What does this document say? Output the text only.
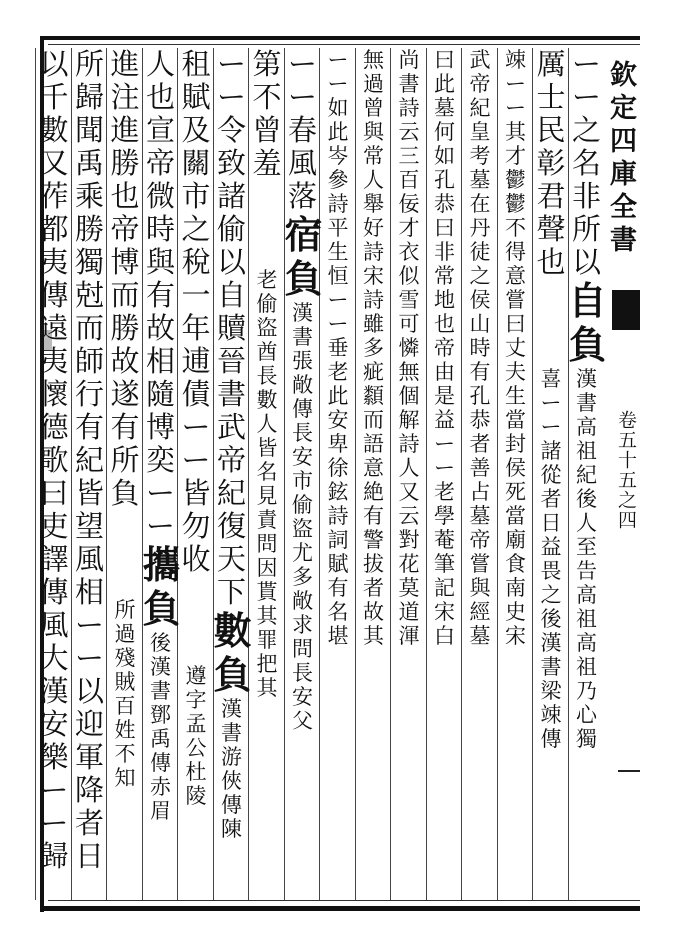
欽定四庫全書
卷五十五之四
ー
ー
之
名
非
所
以
自
負
漢
書
高
祖
紀
後
人
至
告
高
祖
高
祖
乃
心
獨
厲
士
民
彰
君
聲
也
喜
ー
ー
諸
從
者
日
益
畏
之
後
漢
書
梁
竦
傳
竦
ー
ー
其
才
鬱
鬱
不
得
意
嘗
曰
丈
夫
生
當
封
侯
死
當
廟
食
南
史
宋
武
帝
紀
皇
考
墓
在
丹
徒
之
侯
山
時
有
孔
恭
者
善
占
墓
帝
嘗
與
經
墓
曰
此
墓
何
如
孔
恭
曰
非
常
地
也
帝
由
是
益
ー
ー
老
學
菴
筆
記
宋
白
尚
書
詩
云
三
百
佞
才
衣
似
雪
可
憐
無
個
解
詩
人
又
云
對
花
莫
道
渾
無
過
曾
與
常
人
舉
好
詩
宋
詩
雖
多
疵
纇
而
語
意
絶
有
警
拔
者
故
其
ー
ー
如
此
岑
參
詩
平
生
恒
ー
ー
垂
老
此
安
卑
徐
鉉
詩
詞
賦
有
名
堪
ー
ー
春
風
落
宿
負
漢
書
張
敞
傳
長
安
市
偷
盜
尤
多
敞
求
問
長
安
父
第
不
曾
羞
老
偷
盜
酋
長
數
人
皆
名
見
責
問
因
貰
其
罪
把
其
ー
ー
令
致
諸
偷
以
自
贖
晉
書
武
帝
紀
復
天
下
數
負
漢
書
游
俠
傳
陳
租
賦
及
關
市
之
稅
一
年
逋
債
ー
ー
皆
勿
收
遵
字
孟
公
杜
陵
人
也
宣
帝
微
時
與
有
故
相
隨
博
奕
ー
ー
攜
負
後
漢
書
鄧
禹
傳
赤
眉
進
注
進
勝
也
帝
博
而
勝
故
遂
有
所
負
所
過
殘
賊
百
姓
不
知
所
歸
聞
禹
乘
勝
獨
尅
而
師
行
有
紀
皆
望
風
相
ー
ー
以
迎
軍
降
者
日
以
千
數
又
莋
都
夷
傳
遠
夷
懷
德
歌
曰
吏
譯
傳
風
大
漢
安
樂
ー
ー
歸
